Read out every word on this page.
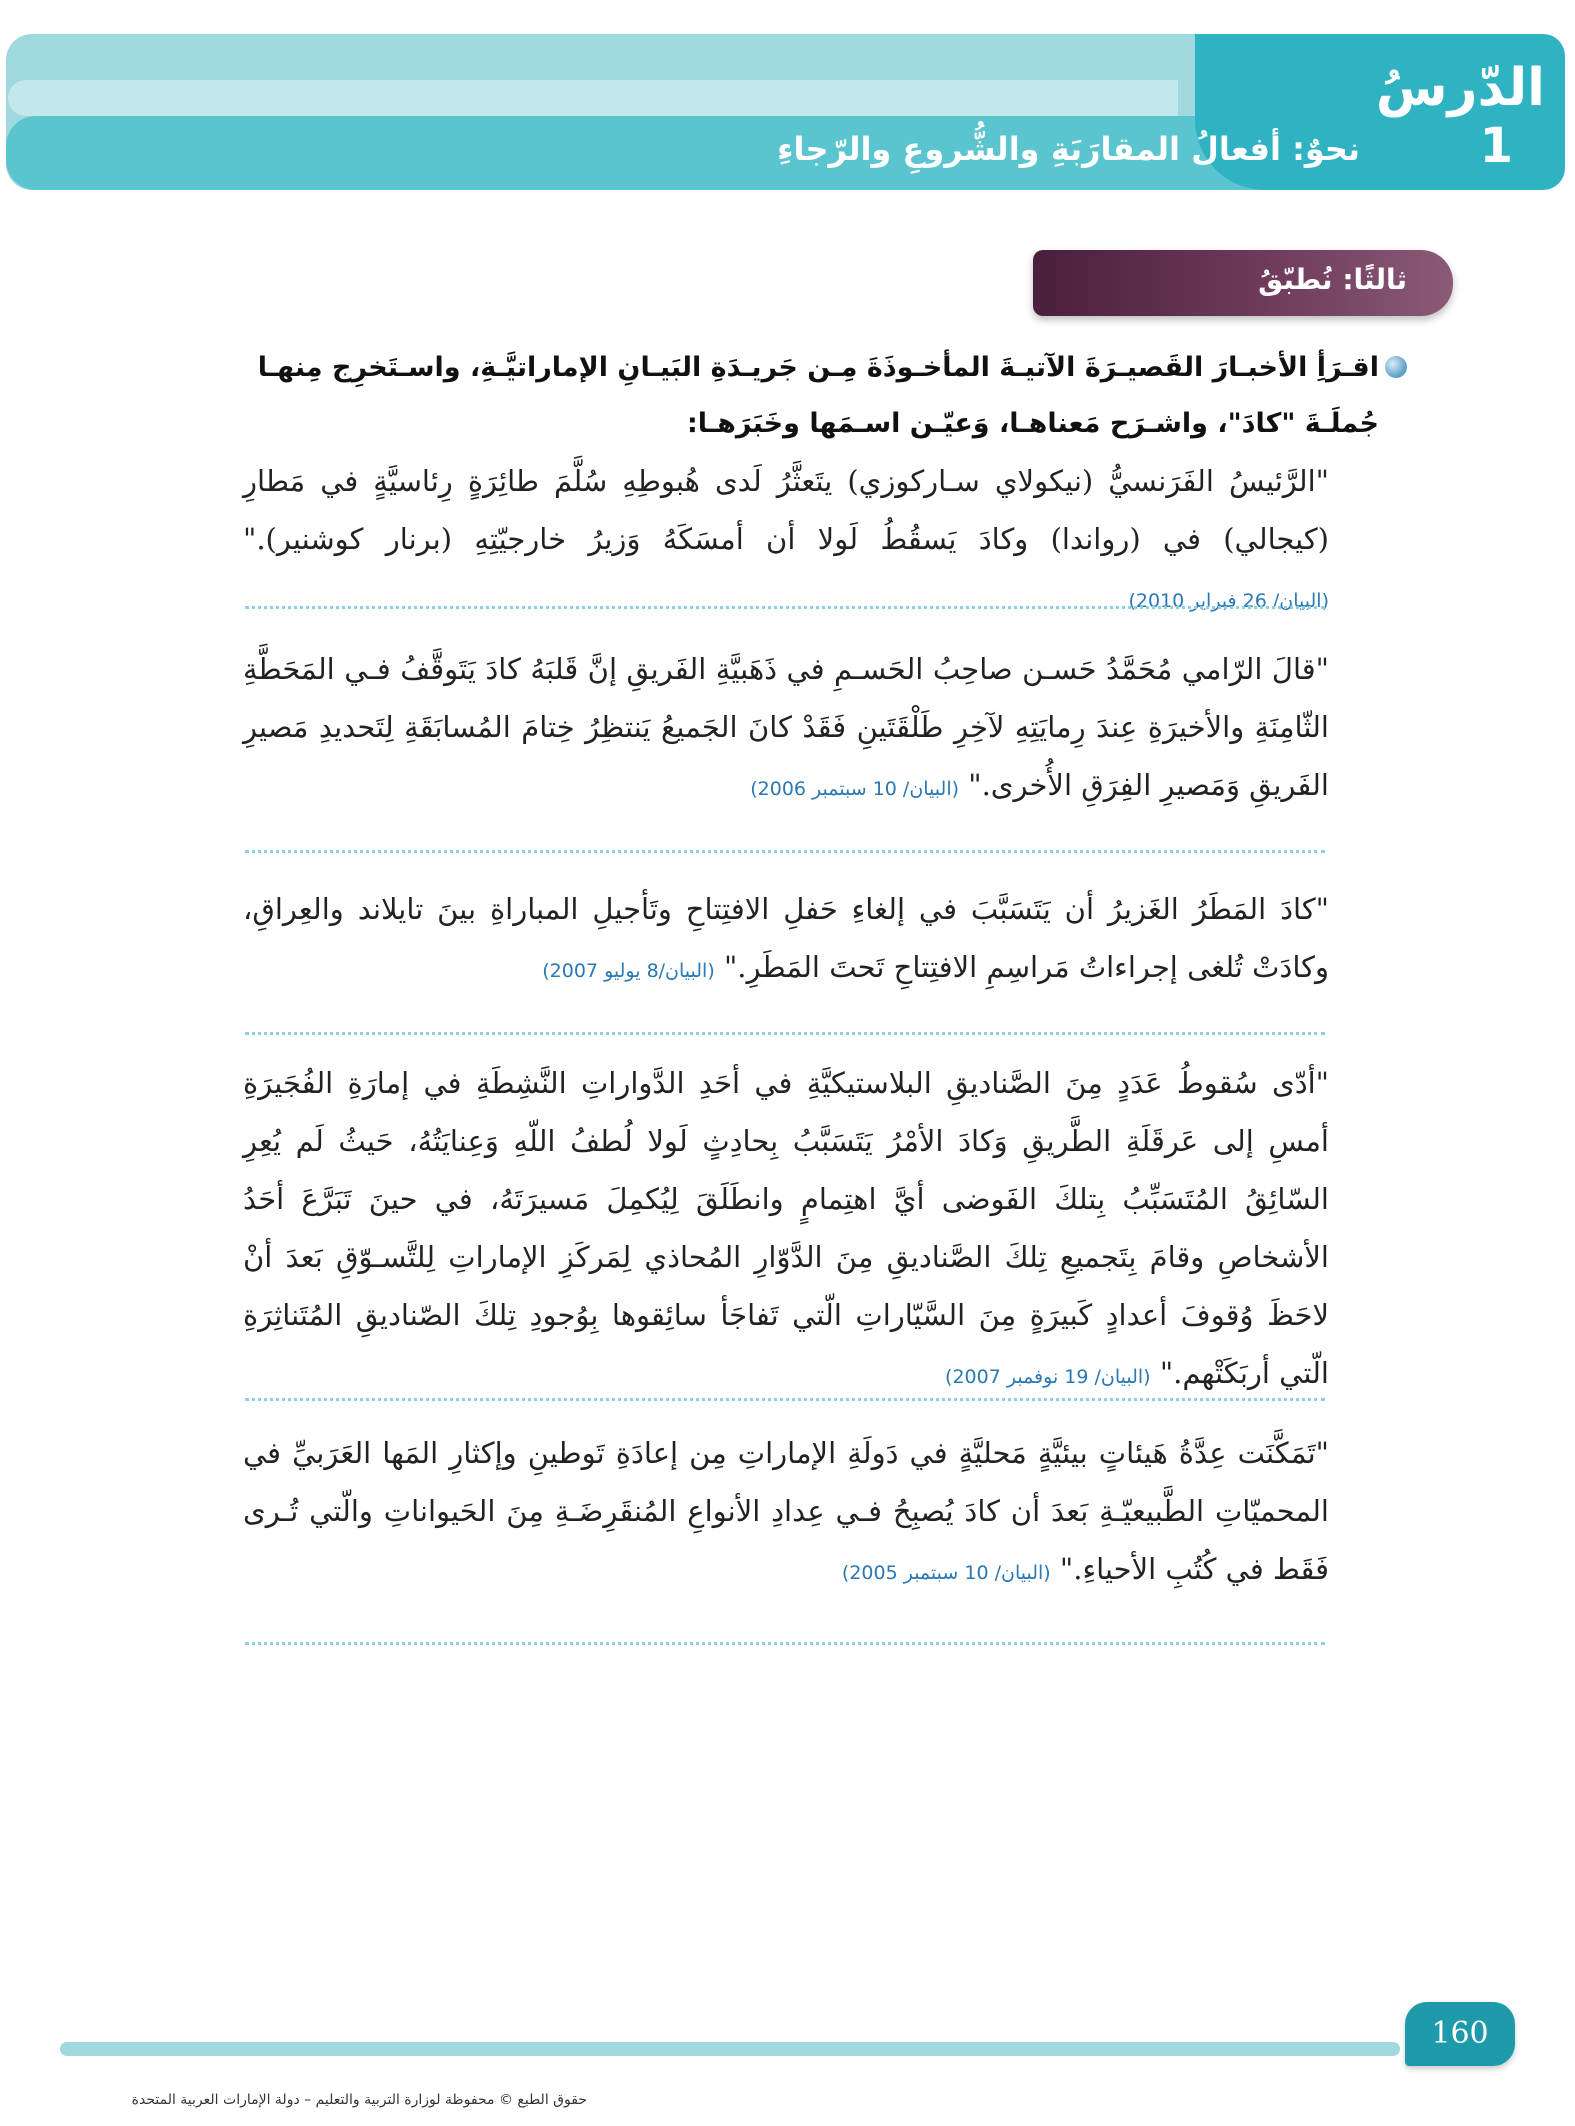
الدّرسُ
1
نحوٌ: أفعالُ المقارَبَةِ والشُّروعِ والرّجاءِ
ثالثًا: نُطبّقُ
اقـرَأِ الأخبـارَ القَصيـرَةَ الآتيـةَ المأخـوذَةَ مِـن جَريـدَةِ البَيـانِ الإماراتيَّـةِ، واسـتَخرِج مِنهـا جُملَـةَ "كادَ"، واشـرَح مَعناهـا، وَعيّـن اسـمَها وخَبَرَهـا:
"الرَّئيسُ الفَرَنسيُّ (نيكولاي سـاركوزي) يتَعثَّرُ لَدى هُبوطِهِ سُلَّمَ طائِرَةٍ رِئاسيَّةٍ في مَطارِ (كيجالي) في (رواندا) وكادَ يَسقُطُ لَولا أن أمسَكَهُ وَزيرُ خارجيّتِهِ (برنار كوشنير)." (البيان/ 26 فبراير 2010)
"قالَ الرّامي مُحَمَّدُ حَسـن صاحِبُ الحَسـمِ في ذَهَبيَّةِ الفَريقِ إنَّ قَلبَهُ كادَ يَتَوقَّفُ فـي المَحَطَّةِ الثّامِنَةِ والأخيرَةِ عِندَ رِمايَتِهِ لآخِرِ طَلْقَتَينِ فَقَدْ كانَ الجَميعُ يَنتظِرُ خِتامَ المُسابَقَةِ لِتَحديدِ مَصيرِ الفَريقِ وَمَصيرِ الفِرَقِ الأُخرى." (البيان/ 10 سبتمبر 2006)
"كادَ المَطَرُ الغَزيرُ أن يَتَسَبَّبَ في إلغاءِ حَفلِ الافتِتاحِ وتَأجيلِ المباراةِ بينَ تايلاند والعِراقِ، وكادَتْ تُلغى إجراءاتُ مَراسِمِ الافتِتاحِ تَحتَ المَطَرِ." (البيان/8 يوليو 2007)
"أدّى سُقوطُ عَدَدٍ مِنَ الصَّناديقِ البلاستيكيَّةِ في أحَدِ الدَّواراتِ النَّشِطَةِ في إمارَةِ الفُجَيرَةِ أمسِ إلى عَرقَلَةِ الطَّريقِ وَكادَ الأمْرُ يَتَسَبَّبُ بِحادِثٍ لَولا لُطفُ اللّهِ وَعِنايَتُهُ، حَيثُ لَم يُعِرِ السّائِقُ المُتَسَبِّبُ بِتلكَ الفَوضى أيَّ اهتِمامٍ وانطَلَقَ لِيُكمِلَ مَسيرَتَهُ، في حينَ تَبَرَّعَ أحَدُ الأشخاصِ وقامَ بِتَجميعِ تِلكَ الصَّناديقِ مِنَ الدَّوّارِ المُحاذي لِمَركَزِ الإماراتِ لِلتَّسـوّقِ بَعدَ أنْ لاحَظَ وُقوفَ أعدادٍ كَبيرَةٍ مِنَ السَّيّاراتِ الّتي تَفاجَأ سائِقوها بِوُجودِ تِلكَ الصّناديقِ المُتَناثِرَةِ الّتي أربَكَتْهم." (البيان/ 19 نوفمبر 2007)
"تَمَكَّنَت عِدَّةُ هَيئاتٍ بيئيَّةٍ مَحليَّةٍ في دَولَةِ الإماراتِ مِن إعادَةِ تَوطينِ وإكثارِ المَها العَرَبيِّ في المحميّاتِ الطَّبيعيّـةِ بَعدَ أن كادَ يُصبِحُ فـي عِدادِ الأنواعِ المُنقَرِضَـةِ مِنَ الحَيواناتِ والّتي تُـرى فَقَط في كُتُبِ الأحياءِ." (البيان/ 10 سبتمبر 2005)
160
حقوق الطبع © محفوظة لوزارة التربية والتعليم – دولة الإمارات العربية المتحدة
